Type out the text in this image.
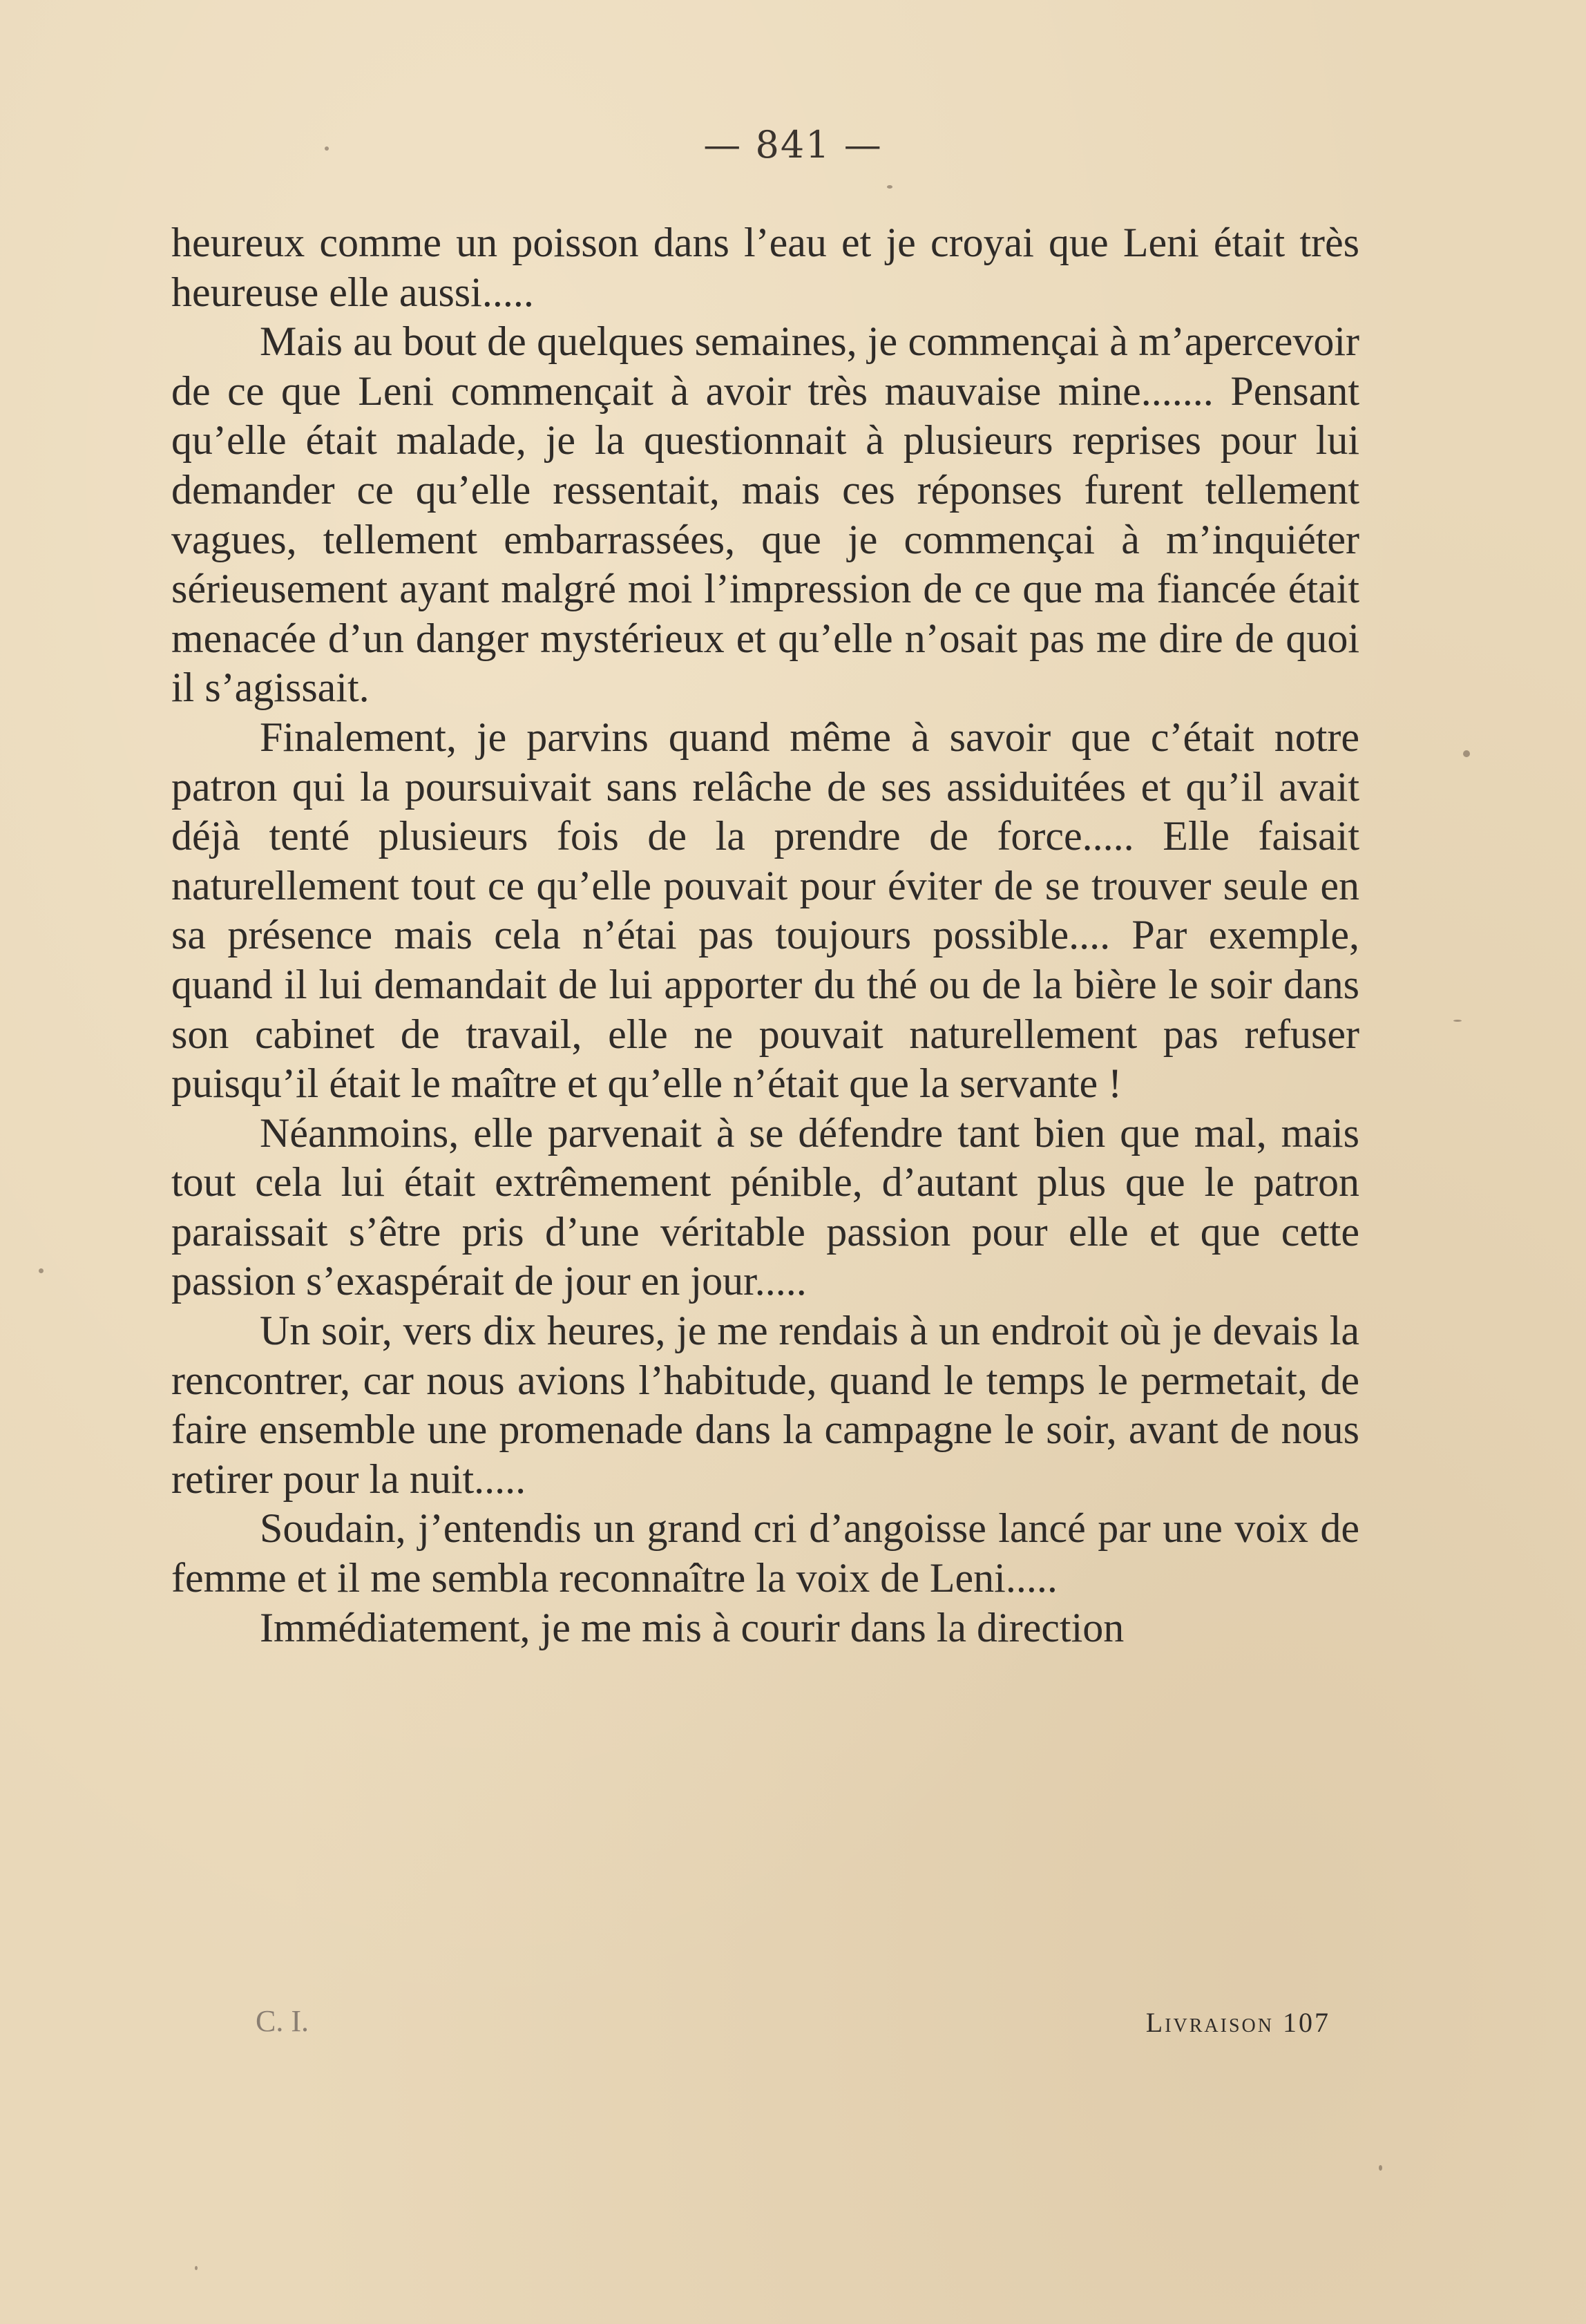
— 841 —

heureux comme un poisson dans l’eau et je croyai que Leni était très heureuse elle aussi.....

Mais au bout de quelques semaines, je commençai à m’apercevoir de ce que Leni commençait à avoir très mauvaise mine....... Pensant qu’elle était malade, je la questionnait à plusieurs reprises pour lui demander ce qu’elle ressentait, mais ces réponses furent tellement vagues, tellement embarrassées, que je commençai à m’inquiéter sérieusement ayant malgré moi l’impression de ce que ma fiancée était menacée d’un danger mystérieux et qu’elle n’osait pas me dire de quoi il s’agissait.

Finalement, je parvins quand même à savoir que c’était notre patron qui la poursuivait sans relâche de ses assiduitées et qu’il avait déjà tenté plusieurs fois de la prendre de force..... Elle faisait naturellement tout ce qu’elle pouvait pour éviter de se trouver seule en sa présence mais cela n’étai pas toujours possible.... Par exemple, quand il lui demandait de lui apporter du thé ou de la bière le soir dans son cabinet de travail, elle ne pouvait naturellement pas refuser puisqu’il était le maître et qu’elle n’était que la servante !

Néanmoins, elle parvenait à se défendre tant bien que mal, mais tout cela lui était extrêmement pénible, d’autant plus que le patron paraissait s’être pris d’une véritable passion pour elle et que cette passion s’exaspérait de jour en jour.....

Un soir, vers dix heures, je me rendais à un endroit où je devais la rencontrer, car nous avions l’habitude, quand le temps le permetait, de faire ensemble une promenade dans la campagne le soir, avant de nous retirer pour la nuit.....

Soudain, j’entendis un grand cri d’angoisse lancé par une voix de femme et il me sembla reconnaître la voix de Leni.....

Immédiatement, je me mis à courir dans la direction

C. I.	Livraison 107
